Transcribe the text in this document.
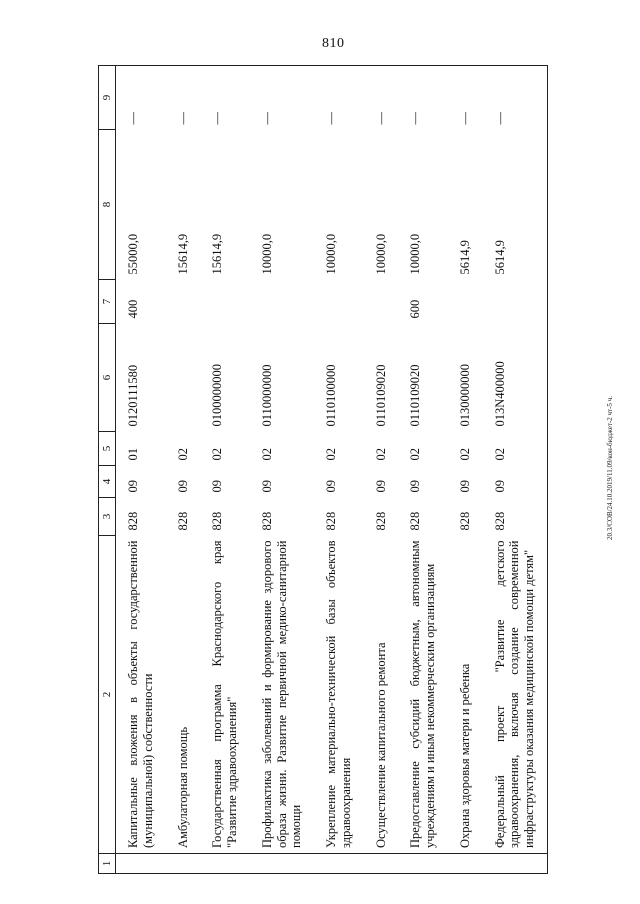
810
20.3/СОВ/24.10.2019/11.09/кон-бюджет-2 чт-5 ч.
1	2	3	4	5	6	7	8	9
	Капитальные вложения в объекты государственной (муниципальной) собственности	828	09	01	0120111580	400	55000,0	—
	Амбулаторная помощь	828	09	02			15614,9	—
	Государственная программа Краснодарского края "Развитие здравоохранения"	828	09	02	0100000000		15614,9	—
	Профилактика заболеваний и формирование здорового образа жизни. Развитие первичной медико-санитарной помощи	828	09	02	0110000000		10000,0	—
	Укрепление материально-технической базы объектов здравоохранения	828	09	02	0110100000		10000,0	—
	Осуществление капитального ремонта	828	09	02	0110109020		10000,0	—
	Предоставление субсидий бюджетным, автономным учреждениям и иным некоммерческим организациям	828	09	02	0110109020	600	10000,0	—
	Охрана здоровья матери и ребенка	828	09	02	0130000000		5614,9	—
	Федеральный проект "Развитие детского здравоохранения, включая создание современной инфраструктуры оказания медицинской помощи детям"	828	09	02	013N400000		5614,9	—
